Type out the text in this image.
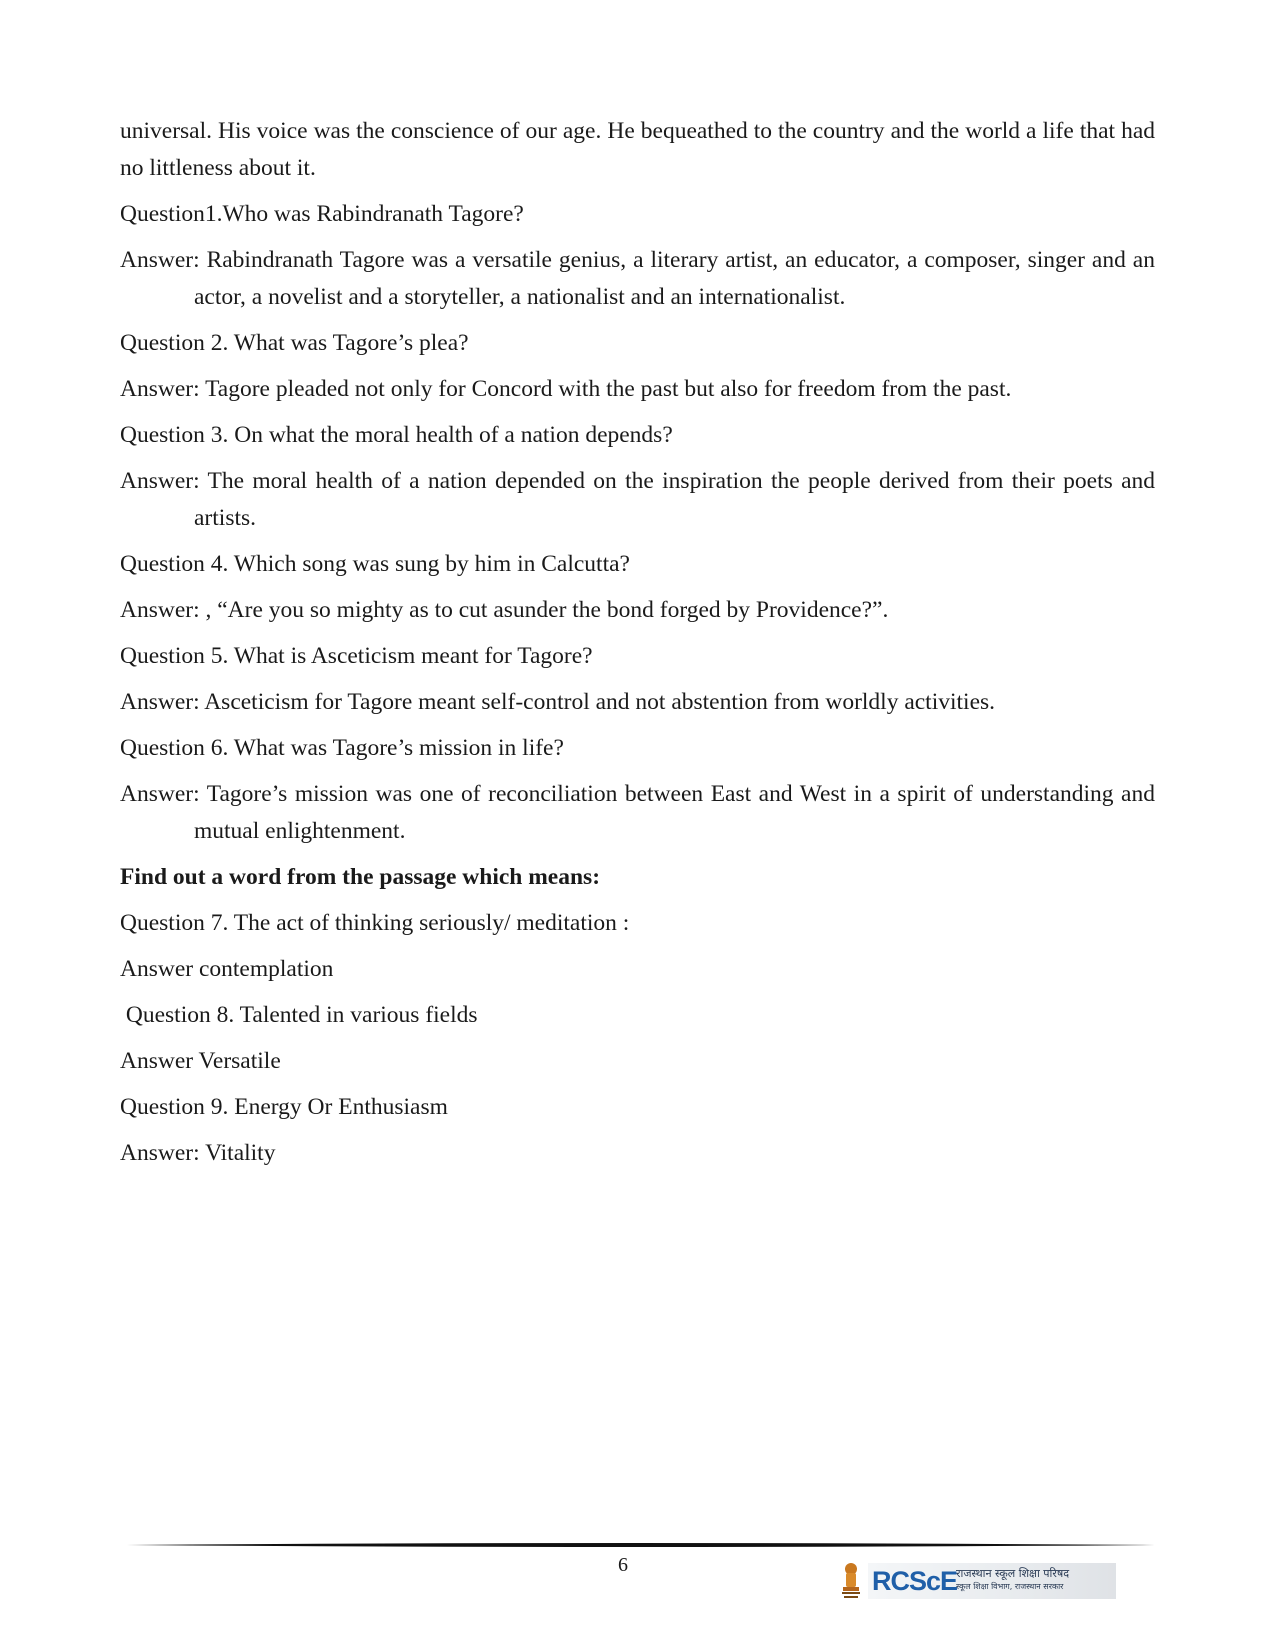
universal. His voice was the conscience of our age. He bequeathed to the country and the world a life that had no littleness about it.

Question1.Who was Rabindranath Tagore?

Answer: Rabindranath Tagore was a versatile genius, a literary artist, an educator, a composer, singer and an actor, a novelist and a storyteller, a nationalist and an internationalist.

Question 2. What was Tagore’s plea?

Answer: Tagore pleaded not only for Concord with the past but also for freedom from the past.

Question 3. On what the moral health of a nation depends?

Answer: The moral health of a nation depended on the inspiration the people derived from their poets and artists.

Question 4. Which song was sung by him in Calcutta?

Answer: , “Are you so mighty as to cut asunder the bond forged by Providence?”.

Question 5. What is Asceticism meant for Tagore?

Answer: Asceticism for Tagore meant self-control and not abstention from worldly activities.

Question 6. What was Tagore’s mission in life?

Answer: Tagore’s mission was one of reconciliation between East and West in a spirit of understanding and mutual enlightenment.

Find out a word from the passage which means:

Question 7. The act of thinking seriously/ meditation :

Answer contemplation

Question 8. Talented in various fields

Answer Versatile

Question 9. Energy Or Enthusiasm

Answer: Vitality

6
RCScE
राजस्थान स्कूल शिक्षा परिषद
स्कूल शिक्षा विभाग, राजस्थान सरकार
